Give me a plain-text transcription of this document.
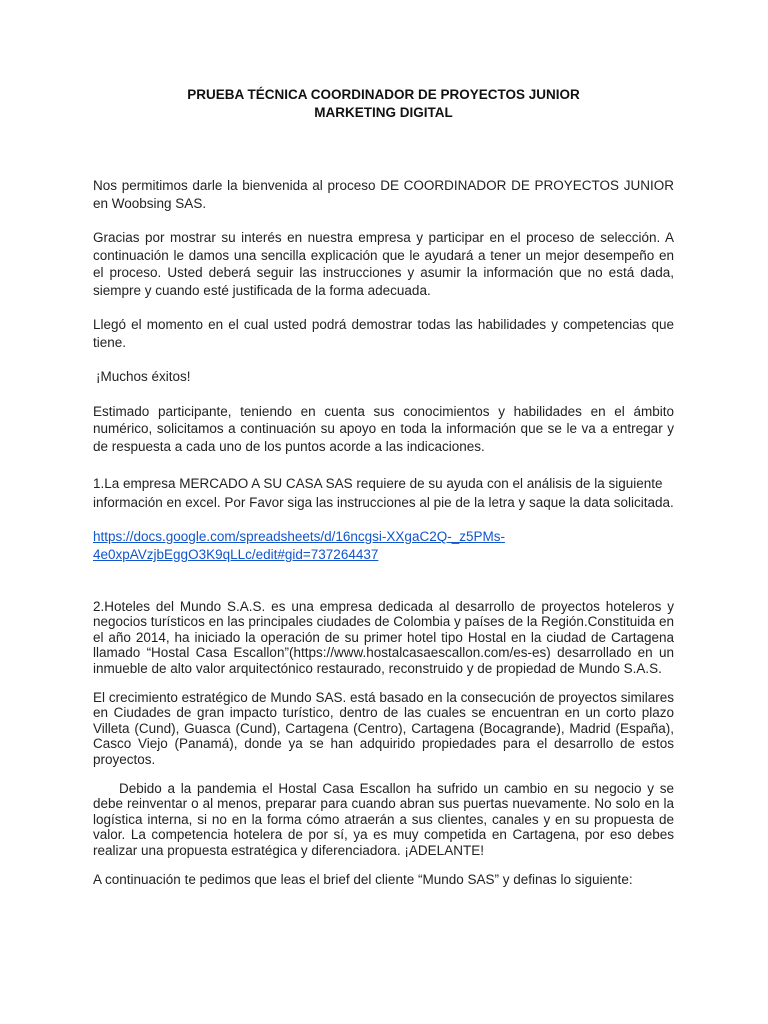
PRUEBA TÉCNICA COORDINADOR DE PROYECTOS JUNIOR
MARKETING DIGITAL

Nos permitimos darle la bienvenida al proceso DE COORDINADOR DE PROYECTOS JUNIOR en Woobsing SAS.

Gracias por mostrar su interés en nuestra empresa y participar en el proceso de selección. A continuación le damos una sencilla explicación que le ayudará a tener un mejor desempeño en el proceso. Usted deberá seguir las instrucciones y asumir la información que no está dada, siempre y cuando esté justificada de la forma adecuada.

Llegó el momento en el cual usted podrá demostrar todas las habilidades y competencias que tiene.

¡Muchos éxitos!

Estimado participante, teniendo en cuenta sus conocimientos y habilidades en el ámbito numérico, solicitamos a continuación su apoyo en toda la información que se le va a entregar y de respuesta a cada uno de los puntos acorde a las indicaciones.

1.La empresa MERCADO A SU CASA SAS requiere de su ayuda con el análisis de la siguiente información en excel. Por Favor siga las instrucciones al pie de la letra y saque la data solicitada.

https://docs.google.com/spreadsheets/d/16ncgsi-XXgaC2Q-_z5PMs-4e0xpAVzjbEggO3K9qLLc/edit#gid=737264437

2.Hoteles del Mundo S.A.S. es una empresa dedicada al desarrollo de proyectos hoteleros y negocios turísticos en las principales ciudades de Colombia y países de la Región.Constituida en el año 2014, ha iniciado la operación de su primer hotel tipo Hostal en la ciudad de Cartagena llamado “Hostal Casa Escallon”(https://www.hostalcasaescallon.com/es-es) desarrollado en un inmueble de alto valor arquitectónico restaurado, reconstruido y de propiedad de Mundo S.A.S.

El crecimiento estratégico de Mundo SAS. está basado en la consecución de proyectos similares en Ciudades de gran impacto turístico, dentro de las cuales se encuentran en un corto plazo Villeta (Cund), Guasca (Cund), Cartagena (Centro), Cartagena (Bocagrande), Madrid (España), Casco Viejo (Panamá), donde ya se han adquirido propiedades para el desarrollo de estos proyectos.

Debido a la pandemia el Hostal Casa Escallon ha sufrido un cambio en su negocio y se debe reinventar o al menos, preparar para cuando abran sus puertas nuevamente. No solo en la logística interna, si no en la forma cómo atraerán a sus clientes, canales y en su propuesta de valor. La competencia hotelera de por sí, ya es muy competida en Cartagena, por eso debes realizar una propuesta estratégica y diferenciadora. ¡ADELANTE!

A continuación te pedimos que leas el brief del cliente “Mundo SAS” y definas lo siguiente:
